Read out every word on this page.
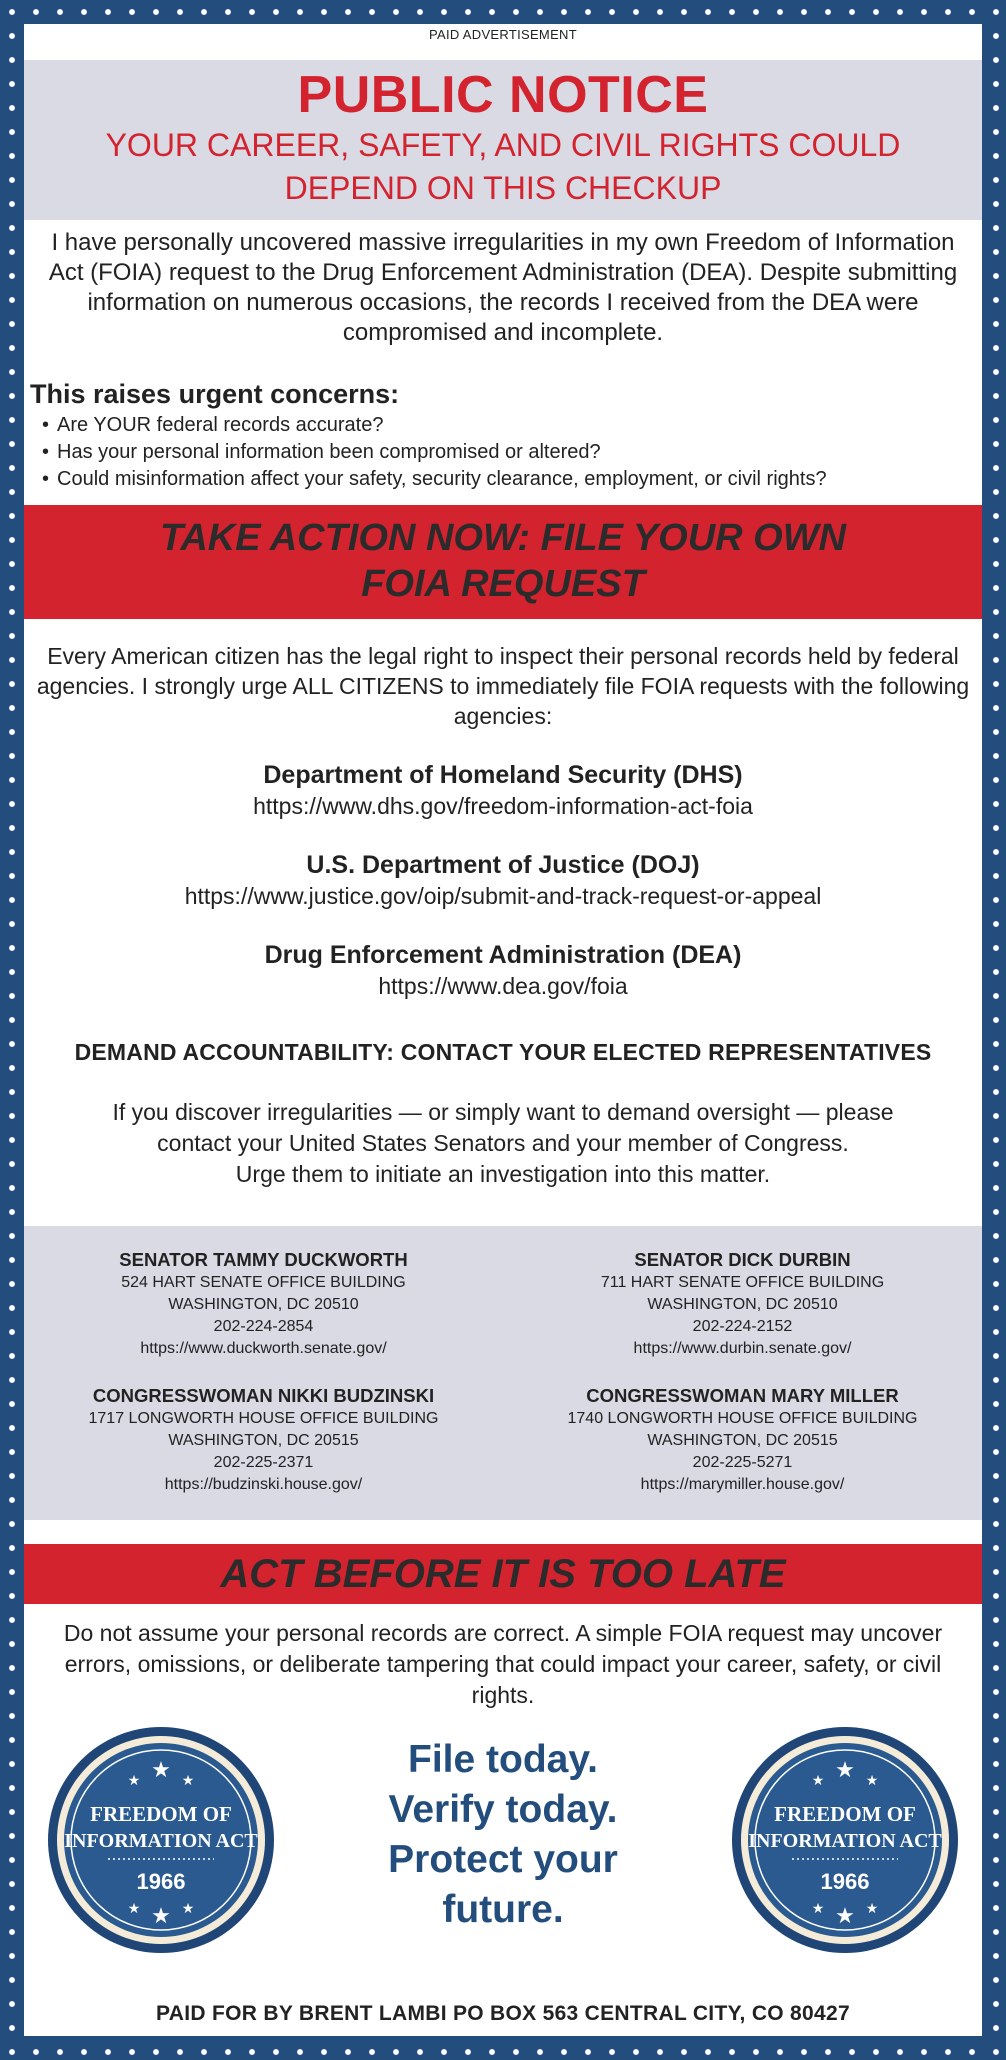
PAID ADVERTISEMENT
PUBLIC NOTICE

YOUR CAREER, SAFETY, AND CIVIL RIGHTS COULD

DEPEND ON THIS CHECKUP

I have personally uncovered massive irregularities in my own Freedom of Information Act (FOIA) request to the Drug Enforcement Administration (DEA). Despite submitting information on numerous occasions, the records I received from the DEA were compromised and incomplete.

This raises urgent concerns:

• Are YOUR federal records accurate?
• Has your personal information been compromised or altered?
• Could misinformation affect your safety, security clearance, employment, or civil rights?
TAKE ACTION NOW: FILE YOUR OWN
FOIA REQUEST

Every American citizen has the legal right to inspect their personal records held by federal agencies. I strongly urge ALL CITIZENS to immediately file FOIA requests with the following agencies:

Department of Homeland Security (DHS)

https://www.dhs.gov/freedom-information-act-foia

U.S. Department of Justice (DOJ)

https://www.justice.gov/oip/submit-and-track-request-or-appeal

Drug Enforcement Administration (DEA)

https://www.dea.gov/foia

DEMAND ACCOUNTABILITY: CONTACT YOUR ELECTED REPRESENTATIVES

If you discover irregularities — or simply want to demand oversight — please
contact your United States Senators and your member of Congress.
Urge them to initiate an investigation into this matter.
SENATOR TAMMY DUCKWORTH
524 HART SENATE OFFICE BUILDING
WASHINGTON, DC 20510
202-224-2854
https://www.duckworth.senate.gov/
SENATOR DICK DURBIN
711 HART SENATE OFFICE BUILDING
WASHINGTON, DC 20510
202-224-2152
https://www.durbin.senate.gov/
CONGRESSWOMAN NIKKI BUDZINSKI
1717 LONGWORTH HOUSE OFFICE BUILDING
WASHINGTON, DC 20515
202-225-2371
https://budzinski.house.gov/
CONGRESSWOMAN MARY MILLER
1740 LONGWORTH HOUSE OFFICE BUILDING
WASHINGTON, DC 20515
202-225-5271
https://marymiller.house.gov/
ACT BEFORE IT IS TOO LATE

Do not assume your personal records are correct. A simple FOIA request may uncover errors, omissions, or deliberate tampering that could impact your career, safety, or civil rights.

★
★	★
★
★	★
FREEDOM OF
INFORMATION ACT
1966
File today.
Verify today.
Protect your
future.
★
★	★
★
★	★
FREEDOM OF
INFORMATION ACT
1966
PAID FOR BY BRENT LAMBI PO BOX 563 CENTRAL CITY, CO 80427
